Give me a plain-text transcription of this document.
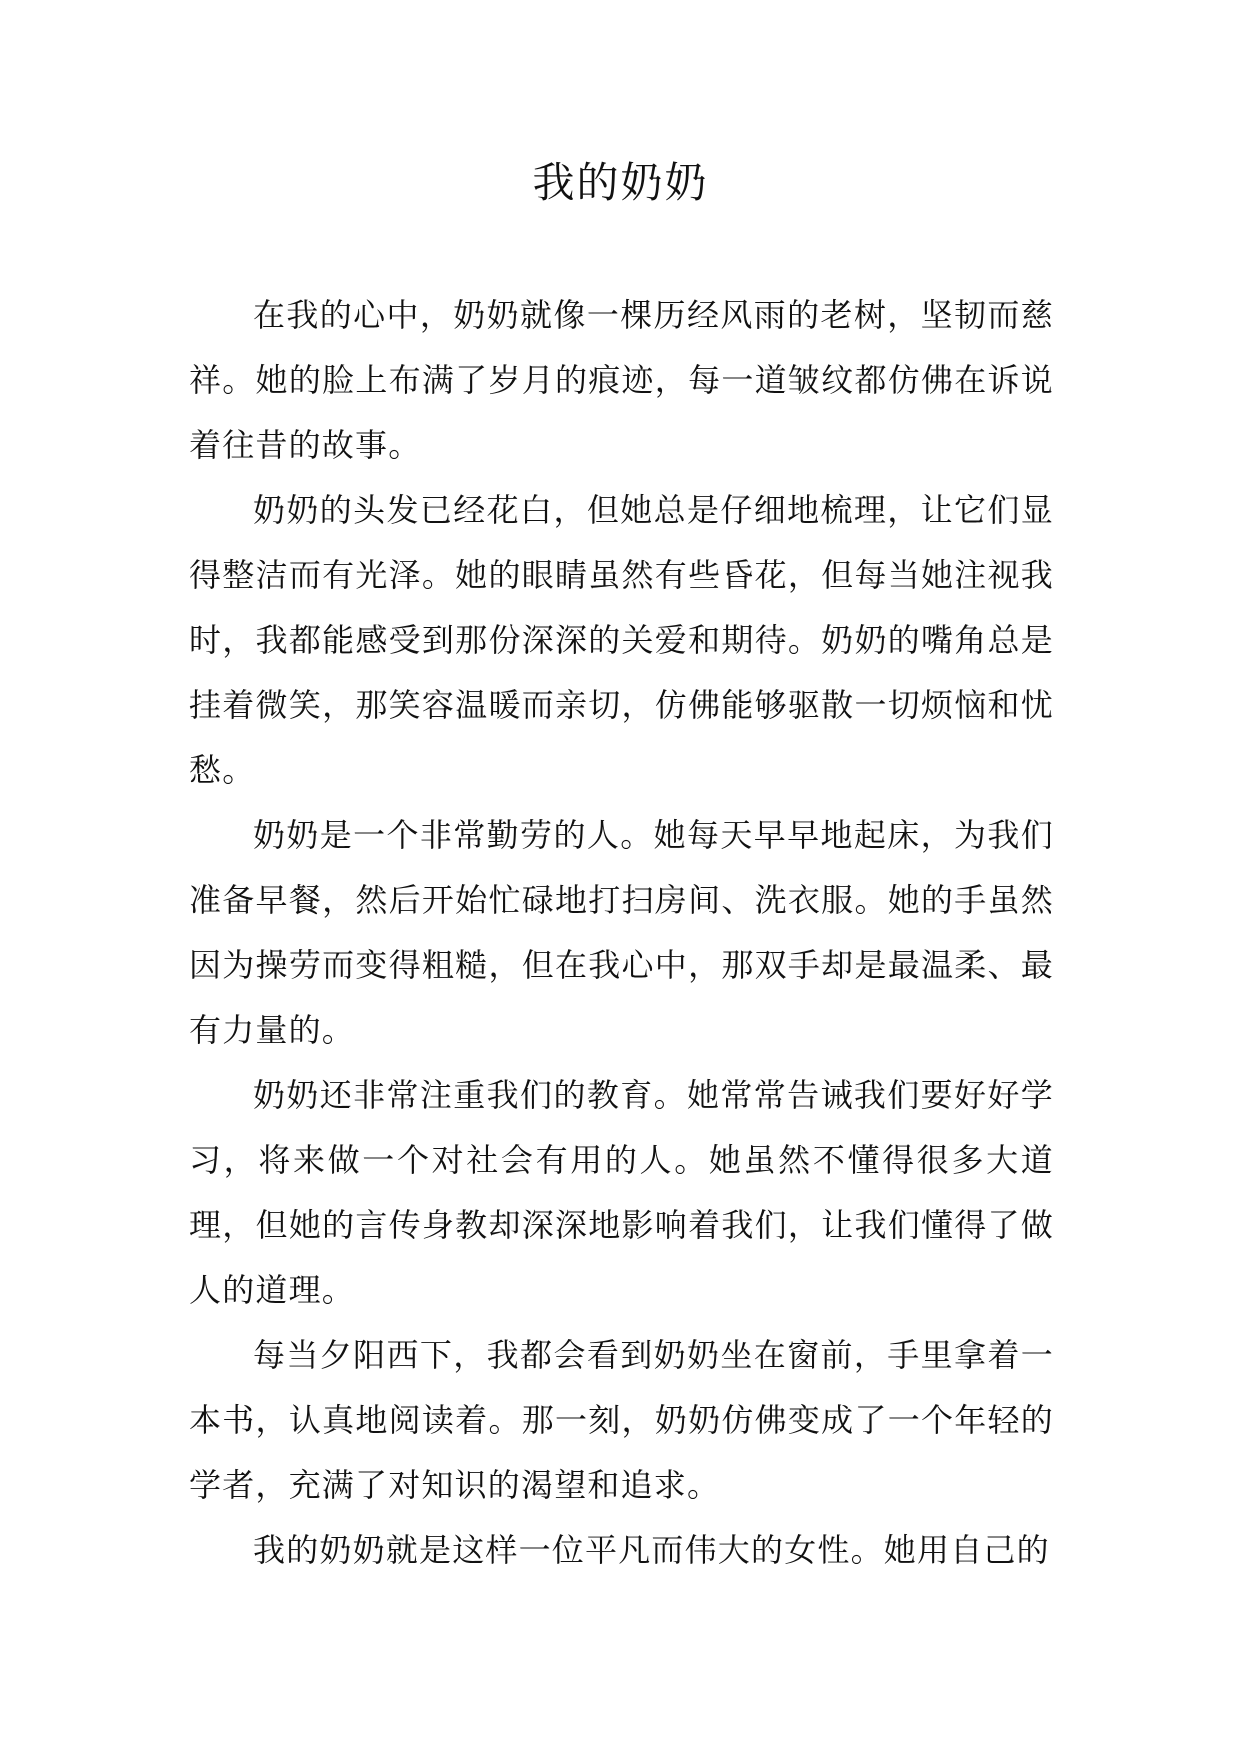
我的奶奶

在我的心中，奶奶就像一棵历经风雨的老树，坚韧而慈祥。她的脸上布满了岁月的痕迹，每一道皱纹都仿佛在诉说着往昔的故事。

奶奶的头发已经花白，但她总是仔细地梳理，让它们显得整洁而有光泽。她的眼睛虽然有些昏花，但每当她注视我时，我都能感受到那份深深的关爱和期待。奶奶的嘴角总是挂着微笑，那笑容温暖而亲切，仿佛能够驱散一切烦恼和忧愁。

奶奶是一个非常勤劳的人。她每天早早地起床，为我们准备早餐，然后开始忙碌地打扫房间、洗衣服。她的手虽然因为操劳而变得粗糙，但在我心中，那双手却是最温柔、最有力量的。

奶奶还非常注重我们的教育。她常常告诫我们要好好学习，将来做一个对社会有用的人。她虽然不懂得很多大道理，但她的言传身教却深深地影响着我们，让我们懂得了做人的道理。

每当夕阳西下，我都会看到奶奶坐在窗前，手里拿着一本书，认真地阅读着。那一刻，奶奶仿佛变成了一个年轻的学者，充满了对知识的渴望和追求。

我的奶奶就是这样一位平凡而伟大的女性。她用自己的
